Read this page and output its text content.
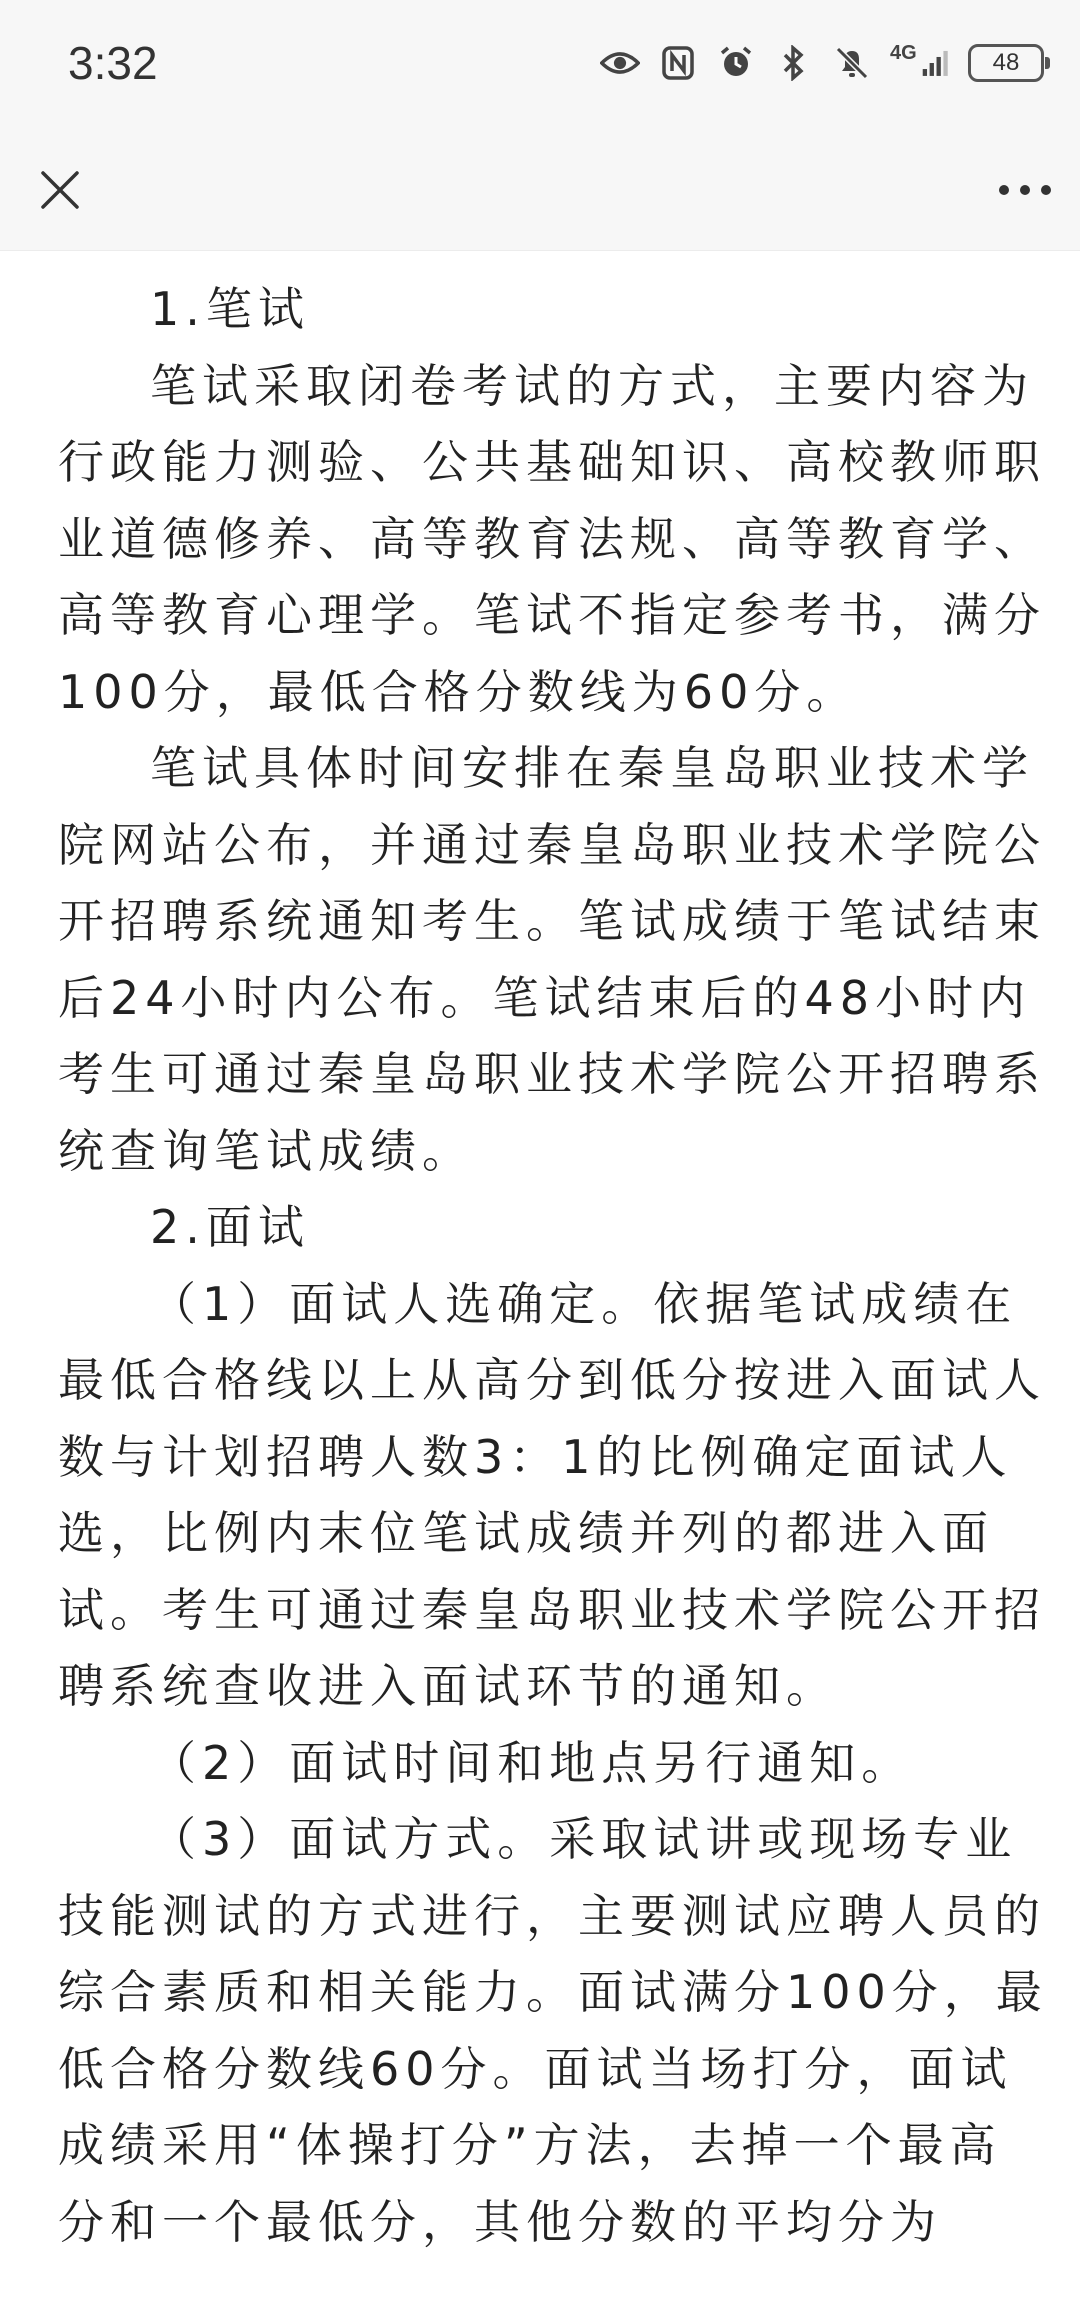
3:32	4G	48

1.笔试

笔试采取闭卷考试的方式，主要内容为行政能力测验、公共基础知识、高校教师职业道德修养、高等教育法规、高等教育学、高等教育心理学。笔试不指定参考书，满分100分，最低合格分数线为60分。

笔试具体时间安排在秦皇岛职业技术学院网站公布，并通过秦皇岛职业技术学院公开招聘系统通知考生。笔试成绩于笔试结束后24小时内公布。笔试结束后的48小时内考生可通过秦皇岛职业技术学院公开招聘系统查询笔试成绩。

2.面试

（1）面试人选确定。依据笔试成绩在最低合格线以上从高分到低分按进入面试人数与计划招聘人数3：1的比例确定面试人选，比例内末位笔试成绩并列的都进入面试。考生可通过秦皇岛职业技术学院公开招聘系统查收进入面试环节的通知。

（2）面试时间和地点另行通知。

（3）面试方式。采取试讲或现场专业技能测试的方式进行，主要测试应聘人员的综合素质和相关能力。面试满分100分，最低合格分数线60分。面试当场打分，面试成绩采用“体操打分”方法，去掉一个最高分和一个最低分，其他分数的平均分为
